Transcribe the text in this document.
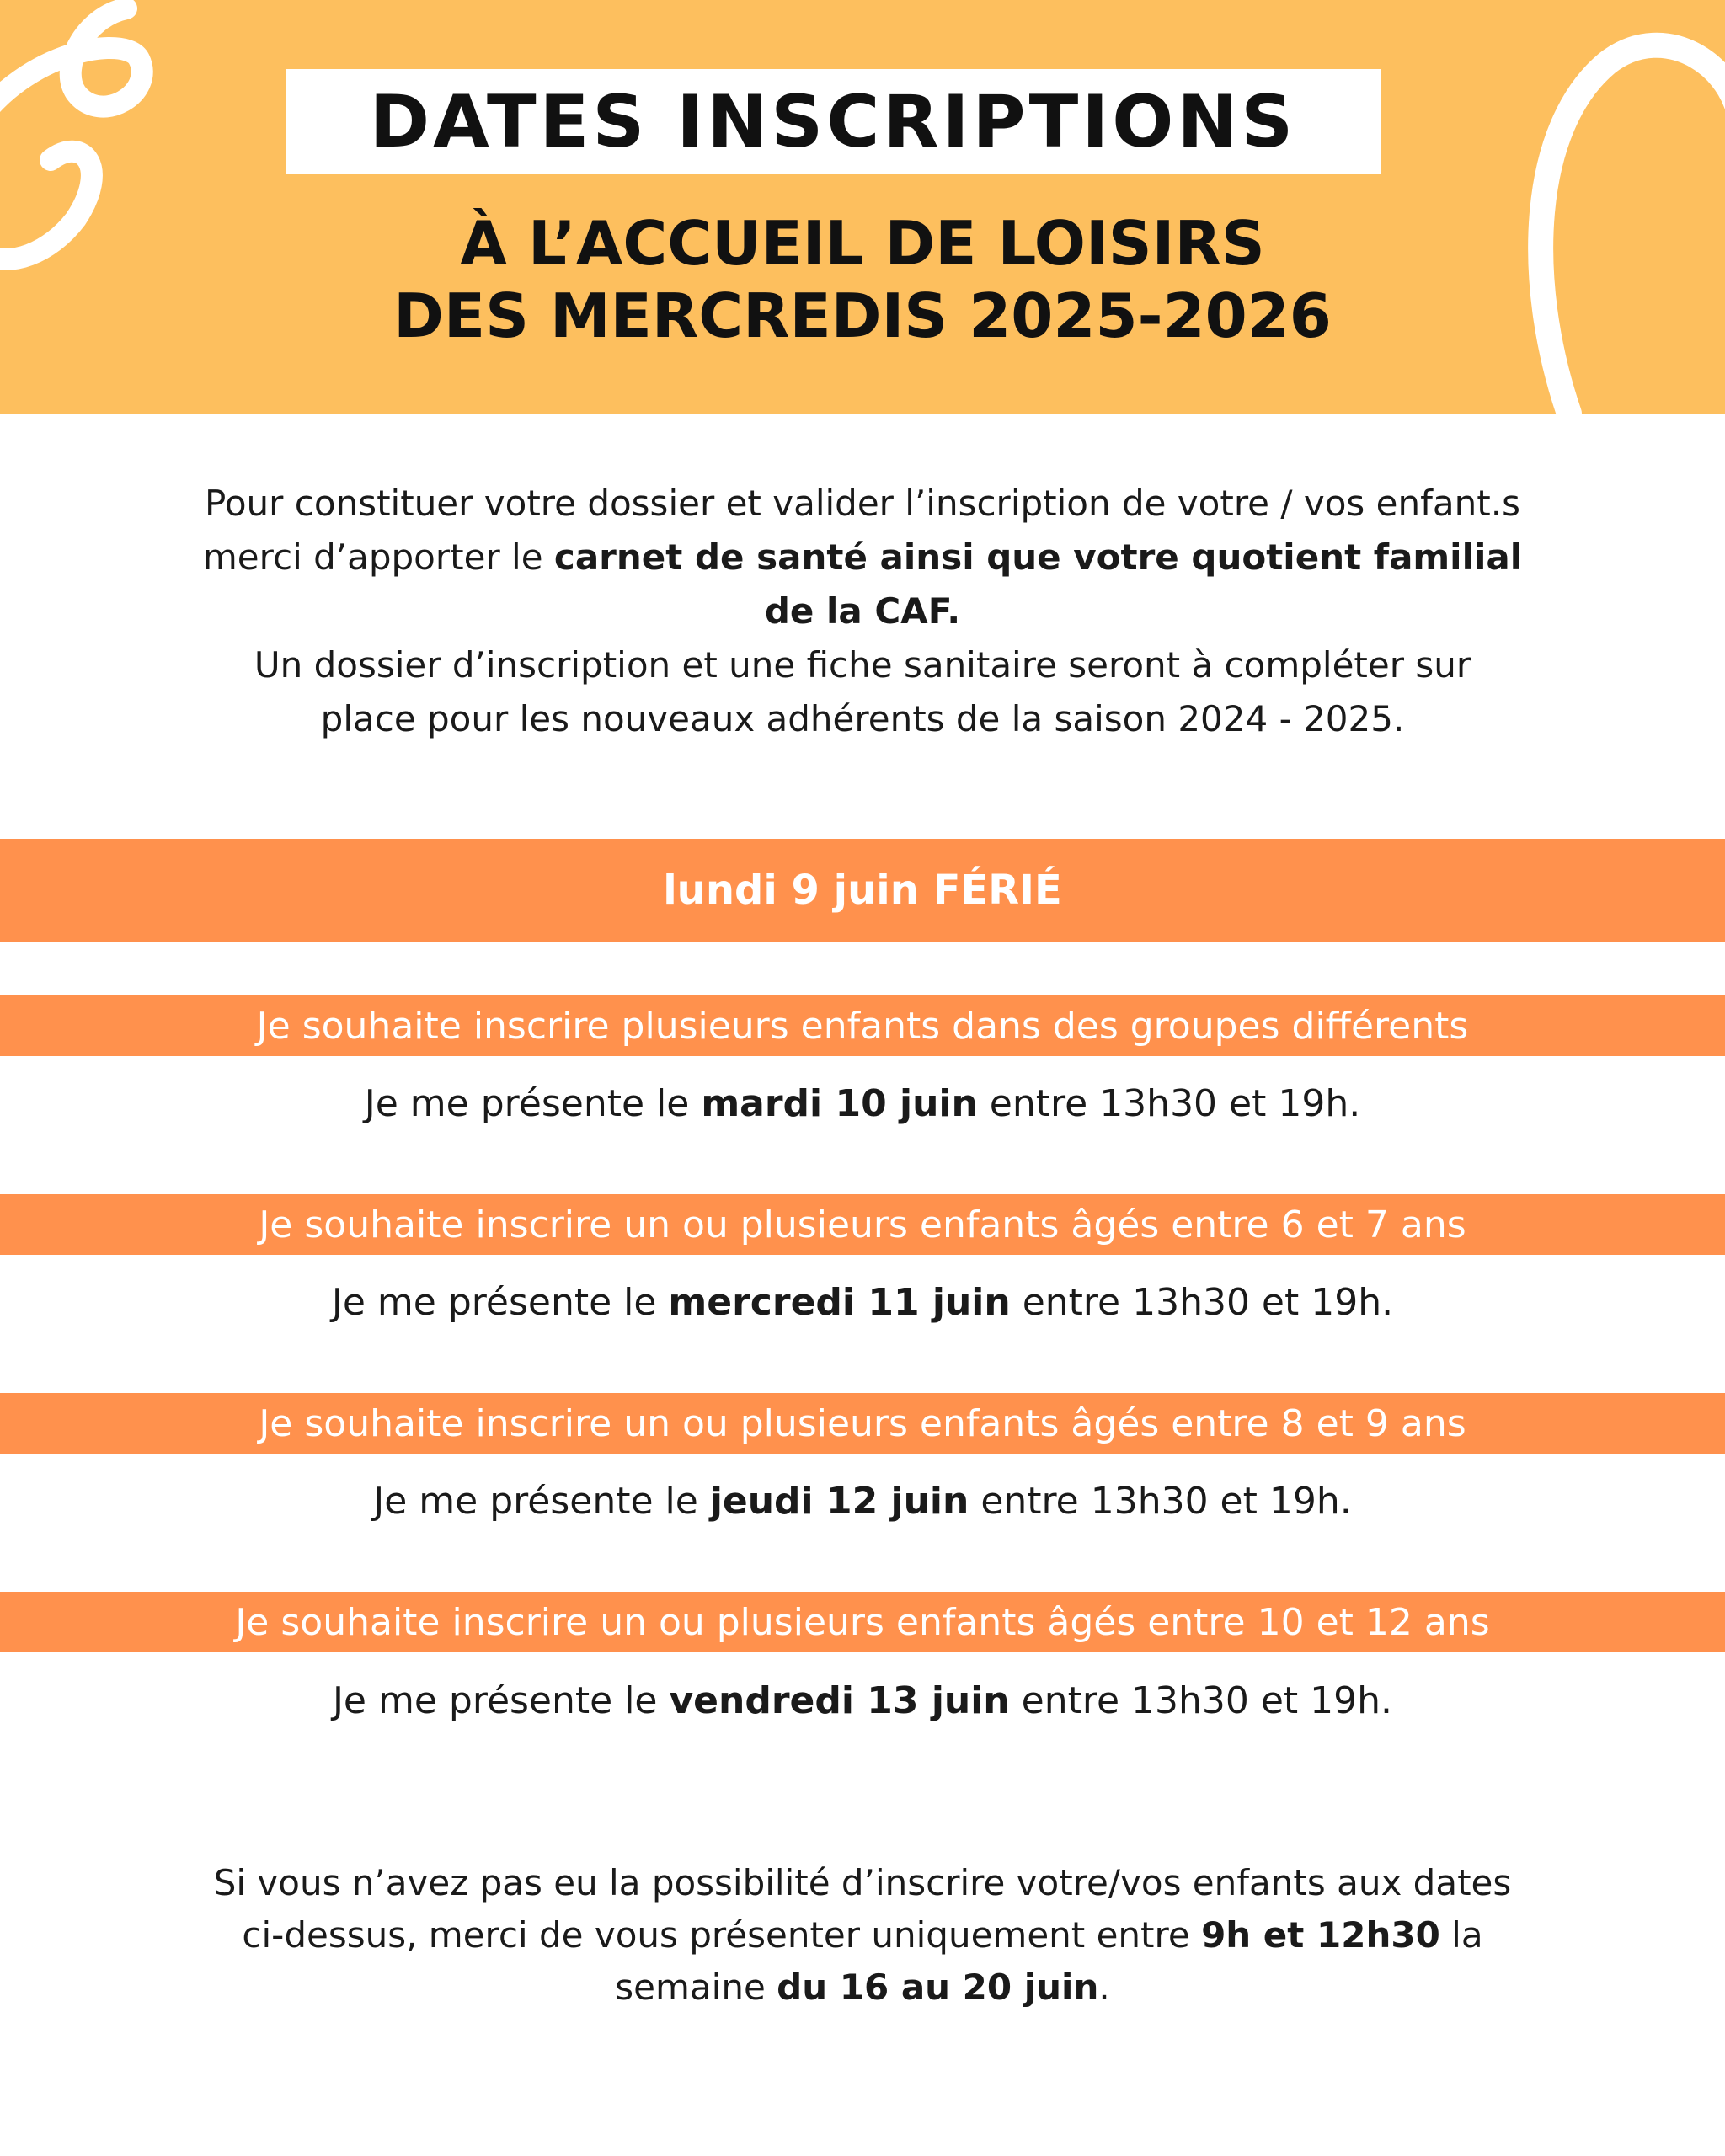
DATES INSCRIPTIONS
À L’ACCUEIL DE LOISIRS
DES MERCREDIS 2025-2026

Pour constituer votre dossier et valider l’inscription de votre / vos enfant.s

merci d’apporter le carnet de santé ainsi que votre quotient familial

de la CAF.

Un dossier d’inscription et une fiche sanitaire seront à compléter sur

place pour les nouveaux adhérents de la saison 2024 - 2025.

lundi 9 juin FÉRIÉ
Je souhaite inscrire plusieurs enfants dans des groupes différents
Je me présente le mardi 10 juin entre 13h30 et 19h.
Je souhaite inscrire un ou plusieurs enfants âgés entre 6 et 7 ans
Je me présente le mercredi 11 juin entre 13h30 et 19h.
Je souhaite inscrire un ou plusieurs enfants âgés entre 8 et 9 ans
Je me présente le jeudi 12 juin entre 13h30 et 19h.
Je souhaite inscrire un ou plusieurs enfants âgés entre 10 et 12 ans
Je me présente le vendredi 13 juin entre 13h30 et 19h.

Si vous n’avez pas eu la possibilité d’inscrire votre/vos enfants aux dates

ci-dessus, merci de vous présenter uniquement entre 9h et 12h30 la

semaine du 16 au 20 juin.
